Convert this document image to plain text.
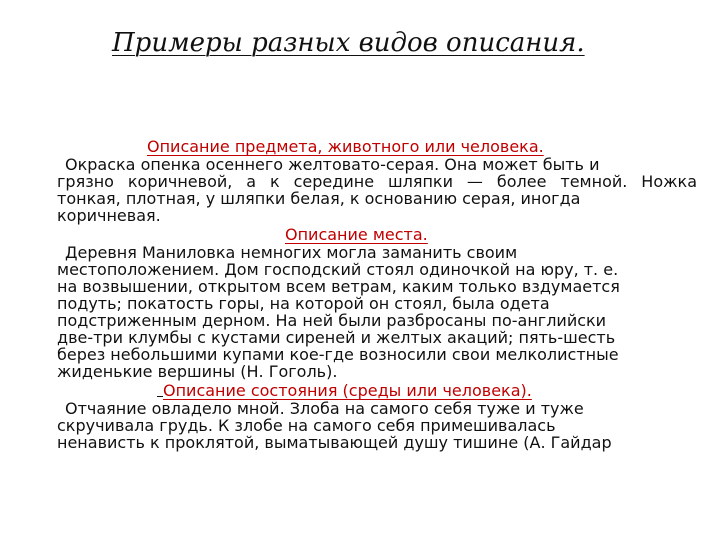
Примеры разных видов описания.
Описание предмета, животного или человека.
Окраска опенка осеннего желтовато-серая. Она может быть и
грязно коричневой, а к середине шляпки — более темной. Ножка
тонкая, плотная, у шляпки белая, к основанию серая, иногда
коричневая.
Описание места.
Деревня Маниловка немногих могла заманить своим
местоположением. Дом господский стоял одиночкой на юру, т. е.
на возвышении, открытом всем ветрам, каким только вздумается
подуть; покатость горы, на которой он стоял, была одета
подстриженным дерном. На ней были разбросаны по-английски
две-три клумбы с кустами сиреней и желтых акаций; пять-шесть
берез небольшими купами кое-где возносили свои мелколистные
жиденькие вершины (Н. Гоголь).
Описание состояния (среды или человека).
Отчаяние овладело мной. Злоба на самого себя туже и туже
скручивала грудь. К злобе на самого себя примешивалась
ненависть к проклятой, выматывающей душу тишине (А. Гайдар
